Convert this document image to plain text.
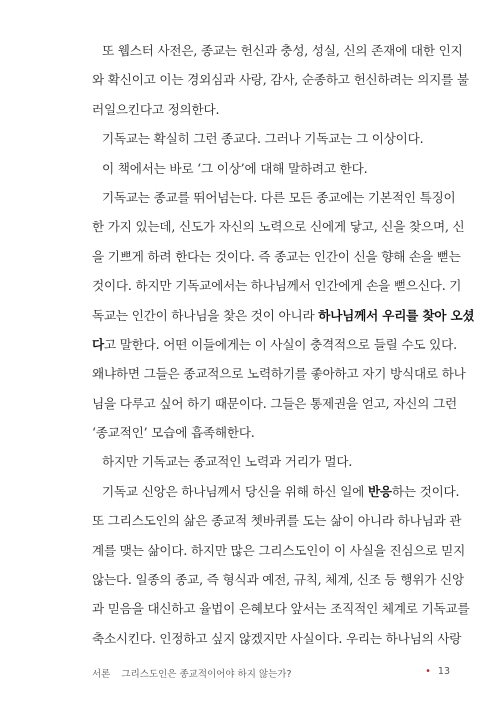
또 웹스터 사전은, 종교는 헌신과 충성, 성실, 신의 존재에 대한 인지
와 확신이고 이는 경외심과 사랑, 감사, 순종하고 헌신하려는 의지를 불
러일으킨다고 정의한다.
기독교는 확실히 그런 종교다. 그러나 기독교는 그 이상이다.
이 책에서는 바로 ‘그 이상’에 대해 말하려고 한다.
기독교는 종교를 뛰어넘는다. 다른 모든 종교에는 기본적인 특징이
한 가지 있는데, 신도가 자신의 노력으로 신에게 닿고, 신을 찾으며, 신
을 기쁘게 하려 한다는 것이다. 즉 종교는 인간이 신을 향해 손을 뻗는
것이다. 하지만 기독교에서는 하나님께서 인간에게 손을 뻗으신다. 기
독교는 인간이 하나님을 찾은 것이 아니라 하나님께서 우리를 찾아 오셨
다고 말한다. 어떤 이들에게는 이 사실이 충격적으로 들릴 수도 있다.
왜냐하면 그들은 종교적으로 노력하기를 좋아하고 자기 방식대로 하나
님을 다루고 싶어 하기 때문이다. 그들은 통제권을 얻고, 자신의 그런
‘종교적인’ 모습에 흡족해한다.
하지만 기독교는 종교적인 노력과 거리가 멀다.
기독교 신앙은 하나님께서 당신을 위해 하신 일에 반응하는 것이다.
또 그리스도인의 삶은 종교적 쳇바퀴를 도는 삶이 아니라 하나님과 관
계를 맺는 삶이다. 하지만 많은 그리스도인이 이 사실을 진심으로 믿지
않는다. 일종의 종교, 즉 형식과 예전, 규칙, 체계, 신조 등 행위가 신앙
과 믿음을 대신하고 율법이 은혜보다 앞서는 조직적인 체계로 기독교를
축소시킨다. 인정하고 싶지 않겠지만 사실이다. 우리는 하나님의 사랑
서론 그리스도인은 종교적이어야 하지 않는가?	• 13
